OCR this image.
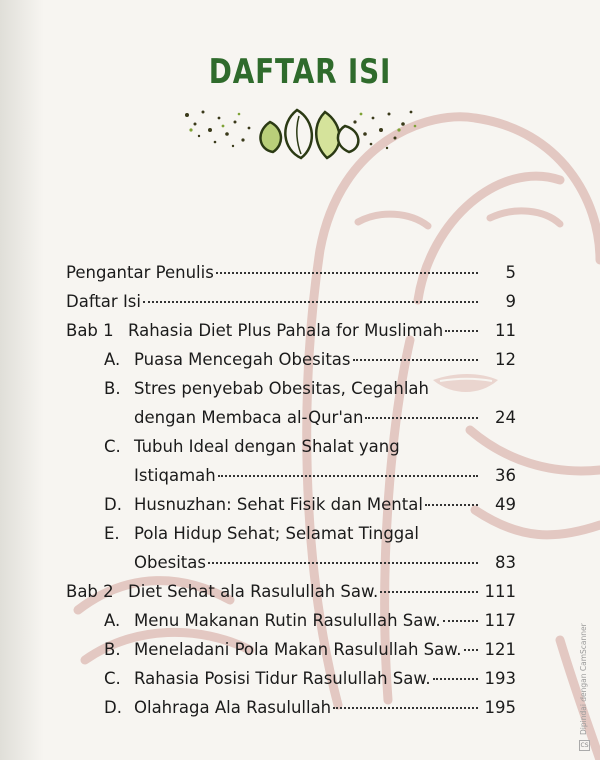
DAFTAR ISI
Pengantar Penulis	5
Daftar Isi	9
Bab 1 Rahasia Diet Plus Pahala for Muslimah	11
A. Puasa Mencegah Obesitas	12
B. Stres penyebab Obesitas, Cegahlah
dengan Membaca al-Qur'an	24
C. Tubuh Ideal dengan Shalat yang
Istiqamah	36
D. Husnuzhan: Sehat Fisik dan Mental	49
E. Pola Hidup Sehat; Selamat Tinggal
Obesitas	83
Bab 2 Diet Sehat ala Rasulullah Saw.	111
A. Menu Makanan Rutin Rasulullah Saw.	117
B. Meneladani Pola Makan Rasulullah Saw. 121
C. Rahasia Posisi Tidur Rasulullah Saw.	193
D. Olahraga Ala Rasulullah	195	Dipindai dengan CamScanner
CS
